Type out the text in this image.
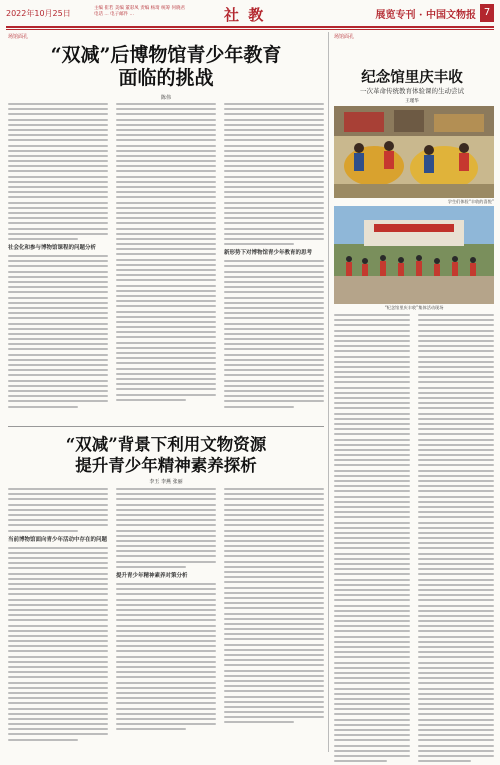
2022年10月25日
主编 崔若 美编 董彩凤 责编 杨琦 统筹 何晓君
电话 ... 电子邮件 ...	社 教	展览专刊 · 中国文物报 7
场馆面孔	场馆面孔
“双减”后博物馆青少年教育
面临的挑战
陈伟
社会化和参与博物馆课程的问题分析
新形势下对博物馆青少年教育的思考
“双减”背景下利用文物资源
提升青少年精神素养探析
李玉 李燕 张丽
当前博物馆面向青少年活动中存在的问题
提升青少年精神素养对策分析
纪念馆里庆丰收
一次革命传统教育体验课的生动尝试
王瑾华
学生们体验“丰收的喜悦”
“纪念馆里庆丰收”集体活动现场
